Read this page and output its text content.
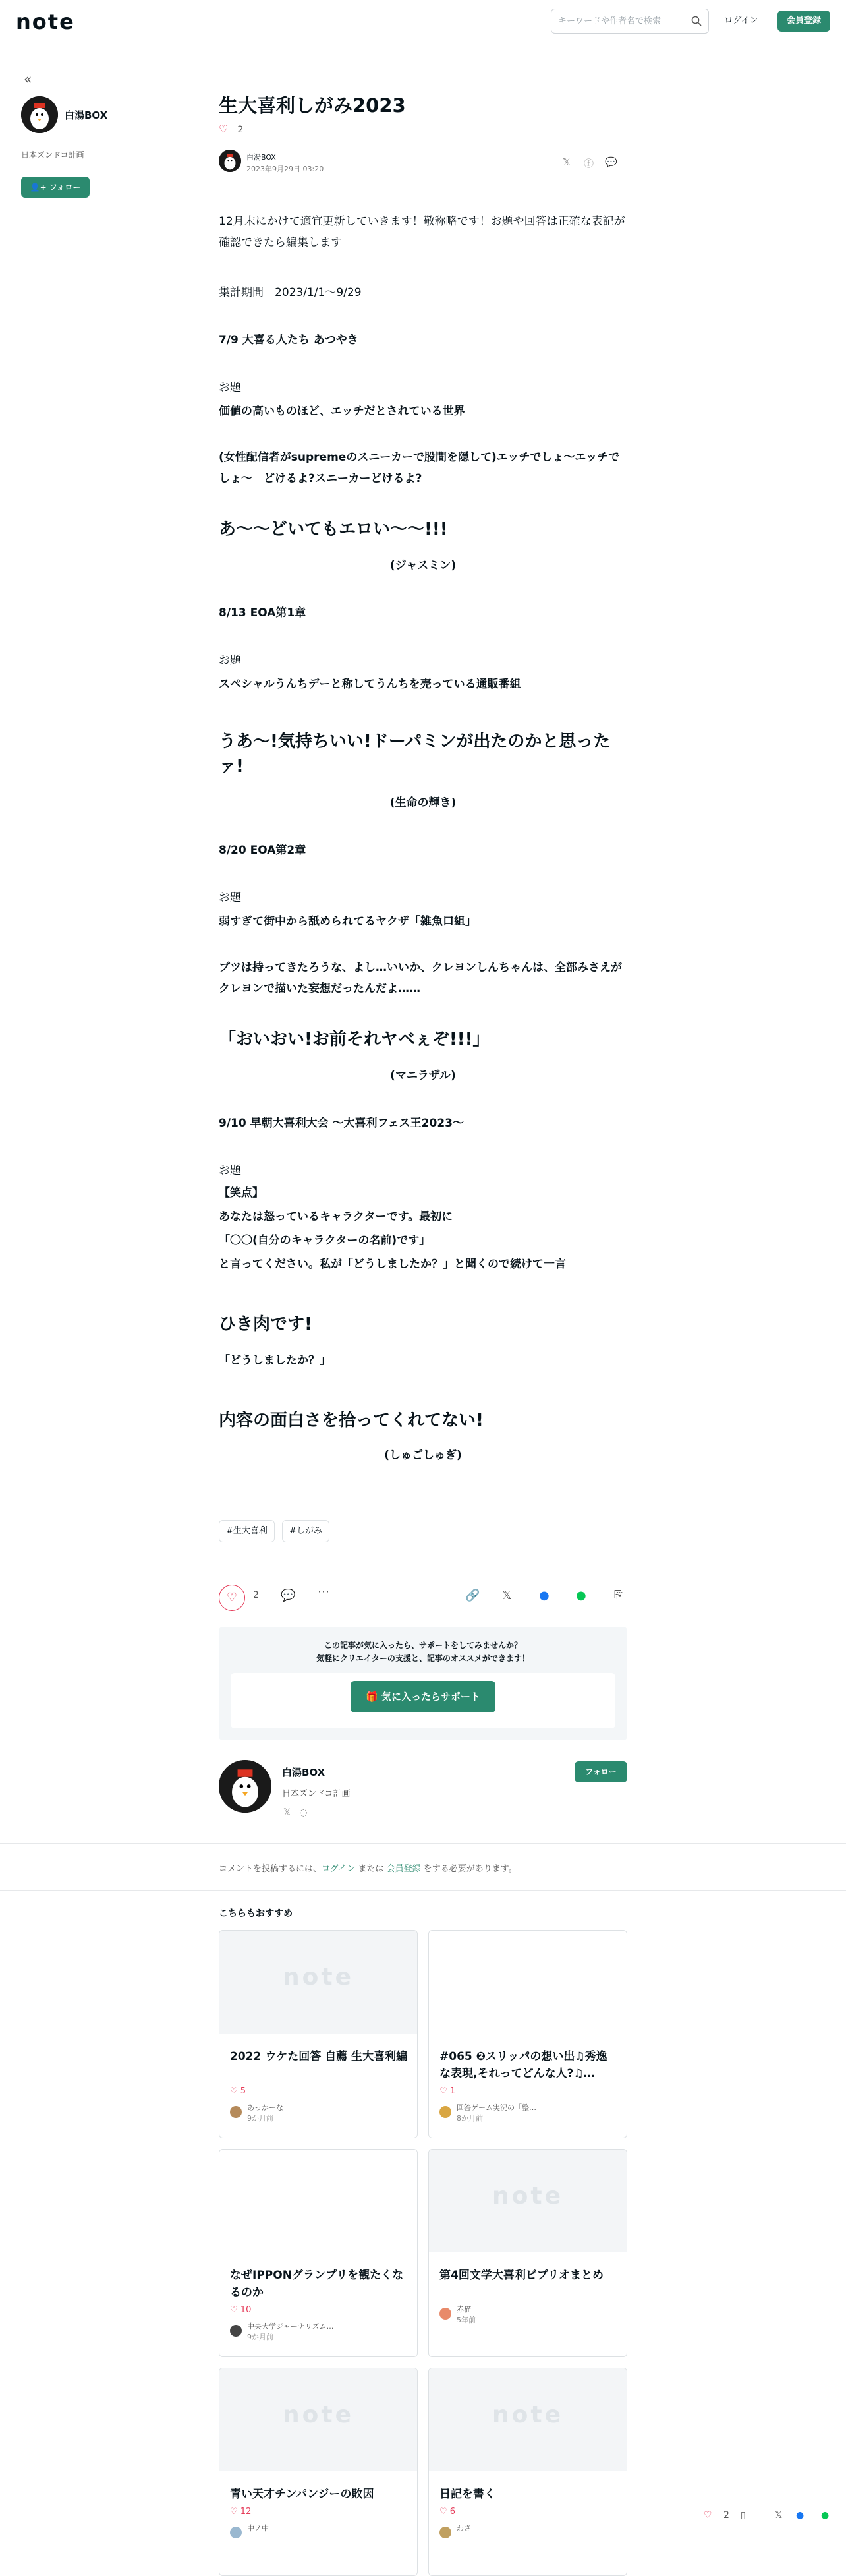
note
キーワードや作者名で検索	ログイン	会員登録
«
白湯BOX
日本ズンドコ計画
👤+ フォロー
生大喜利しがみ2023
♡ 2
白湯BOX
2023年9月29日 03:20
𝕏 ⓕ 💬

12月末にかけて適宜更新していきます！敬称略です！お題や回答は正確な表記が確認できたら編集します

集計期間　2023/1/1〜9/29

7/9 大喜る人たち あつやき

お題

価値の高いものほど、エッチだとされている世界

(女性配信者がsupremeのスニーカーで股間を隠して)エッチでしょ〜エッチでしょ〜　どけるよ?スニーカーどけるよ?

あ〜〜どいてもエロい〜〜!!!

(ジャスミン)

8/13 EOA第1章

お題

スペシャルうんちデーと称してうんちを売っている通販番組

うあ〜!気持ちいい!ドーパミンが出たのかと思ったァ!

(生命の輝き)

8/20 EOA第2章

お題

弱すぎて街中から舐められてるヤクザ「雑魚口組」

ブツは持ってきたろうな、よし…いいか、クレヨンしんちゃんは、全部みさえがクレヨンで描いた妄想だったんだよ……

「おいおい!お前それヤベぇぞ!!!」

(マニラザル)

9/10 早朝大喜利大会 〜大喜利フェス王2023〜

お題

【笑点】

あなたは怒っているキャラクターです。最初に

「〇〇(自分のキャラクターの名前)です」

と言ってください。私が「どうしましたか？」と聞くので続けて一言

ひき肉です!

「どうしましたか？」

内容の面白さを拾ってくれてない!

(しゅごしゅぎ)

#生大喜利	#しがみ
♡	2 💬 ⋯	🔗 𝕏 ● ● ⎘
この記事が気に入ったら、サポートをしてみませんか？
気軽にクリエイターの支援と、記事のオススメができます！
🎁 気に入ったらサポート
白湯BOX
日本ズンドコ計画
𝕏 ◌
フォロー
コメントを投稿するには、ログイン または 会員登録 をする必要があります。
こちらもおすすめ
note
2022 ウケた回答 自薦 生大喜利編
♡ 5
あっかーな
9か月前
#065 ❷スリッパの想い出♫秀逸な表現,それってどんな人?♫…
♡ 1
回答ゲーム実況の「整…
8か月前
なぜIPPONグランプリを観たくなるのか
♡ 10
中央大学ジャーナリズム…
9か月前
note
第4回文学大喜利ビブリオまとめ
赤猫
5年前
note
青い天才チンパンジーの敗因
♡ 12
中ノ中
note
日記を書く
♡ 6
わさ
♡ 2 ▯	𝕏 ● ●
